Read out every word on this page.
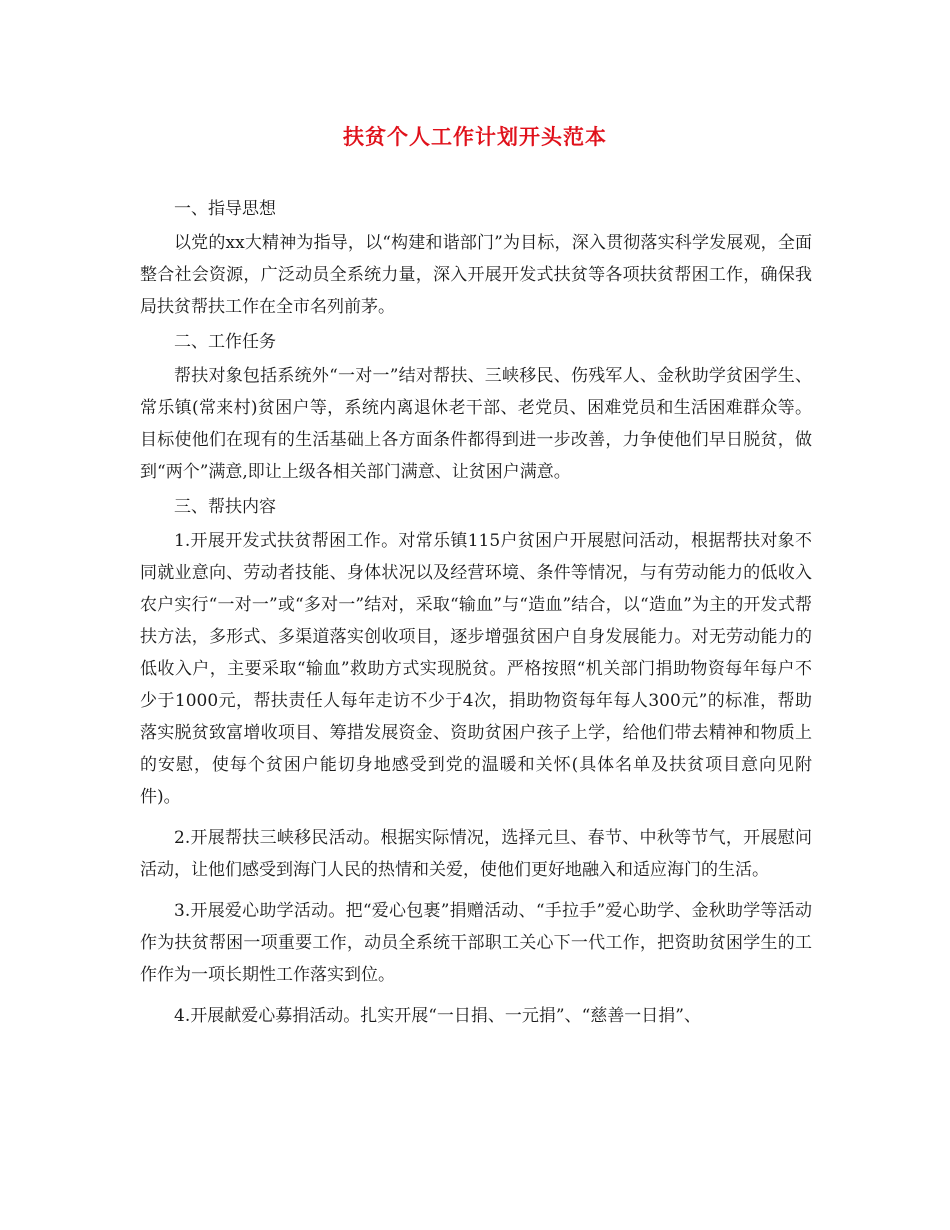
扶贫个人工作计划开头范本

一、指导思想

以党的xx大精神为指导，以“构建和谐部门”为目标，深入贯彻落实科学发展观，全面整合社会资源，广泛动员全系统力量，深入开展开发式扶贫等各项扶贫帮困工作，确保我局扶贫帮扶工作在全市名列前茅。

二、工作任务

帮扶对象包括系统外“一对一”结对帮扶、三峡移民、伤残军人、金秋助学贫困学生、常乐镇(常来村)贫困户等，系统内离退休老干部、老党员、困难党员和生活困难群众等。目标使他们在现有的生活基础上各方面条件都得到进一步改善，力争使他们早日脱贫，做到“两个”满意,即让上级各相关部门满意、让贫困户满意。

三、帮扶内容

1.开展开发式扶贫帮困工作。对常乐镇115户贫困户开展慰问活动，根据帮扶对象不同就业意向、劳动者技能、身体状况以及经营环境、条件等情况，与有劳动能力的低收入农户实行“一对一”或“多对一”结对，采取“输血”与“造血”结合，以“造血”为主的开发式帮扶方法，多形式、多渠道落实创收项目，逐步增强贫困户自身发展能力。对无劳动能力的低收入户，主要采取“输血”救助方式实现脱贫。严格按照“机关部门捐助物资每年每户不少于1000元，帮扶责任人每年走访不少于4次，捐助物资每年每人300元”的标准，帮助落实脱贫致富增收项目、筹措发展资金、资助贫困户孩子上学，给他们带去精神和物质上的安慰，使每个贫困户能切身地感受到党的温暖和关怀(具体名单及扶贫项目意向见附件)。

2.开展帮扶三峡移民活动。根据实际情况，选择元旦、春节、中秋等节气，开展慰问活动，让他们感受到海门人民的热情和关爱，使他们更好地融入和适应海门的生活。

3.开展爱心助学活动。把“爱心包裹”捐赠活动、“手拉手”爱心助学、金秋助学等活动作为扶贫帮困一项重要工作，动员全系统干部职工关心下一代工作，把资助贫困学生的工作作为一项长期性工作落实到位。

4.开展献爱心募捐活动。扎实开展“一日捐、一元捐”、“慈善一日捐”、
